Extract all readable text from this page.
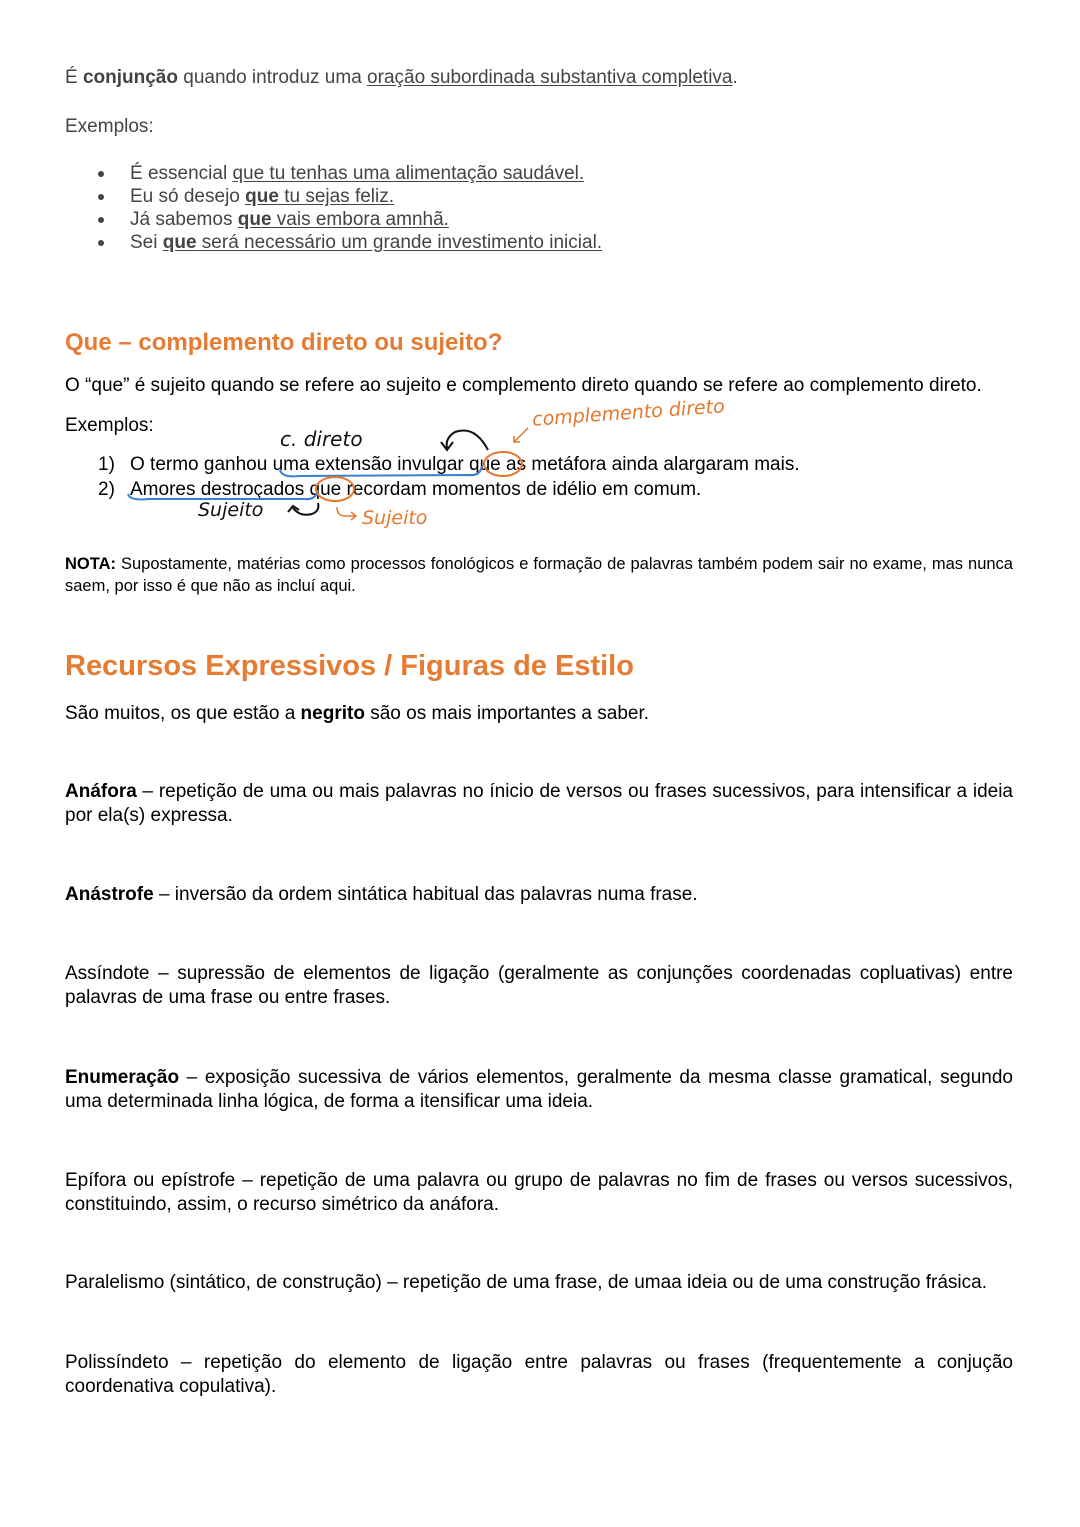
É conjunção quando introduz uma oração subordinada substantiva completiva.
Exemplos:
É essencial que tu tenhas uma alimentação saudável.
Eu só desejo que tu sejas feliz.
Já sabemos que vais embora amnhã.
Sei que será necessário um grande investimento inicial.
Que – complemento direto ou sujeito?
O “que” é sujeito quando se refere ao sujeito e complemento direto quando se refere ao complemento direto.
Exemplos:
1) O termo ganhou uma extensão invulgar que as metáfora ainda alargaram mais.
2) Amores destroçados que recordam momentos de idélio em comum.
c. direto
complemento direto
Sujeito	Sujeito
NOTA: Supostamente, matérias como processos fonológicos e formação de palavras também podem sair no exame, mas nunca saem, por isso é que não as incluí aqui.
Recursos Expressivos / Figuras de Estilo
São muitos, os que estão a negrito são os mais importantes a saber.
Anáfora – repetição de uma ou mais palavras no ínicio de versos ou frases sucessivos, para intensificar a ideia por ela(s) expressa.
Anástrofe – inversão da ordem sintática habitual das palavras numa frase.
Assíndote – supressão de elementos de ligação (geralmente as conjunções coordenadas copluativas) entre palavras de uma frase ou entre frases.
Enumeração – exposição sucessiva de vários elementos, geralmente da mesma classe gramatical, segundo uma determinada linha lógica, de forma a itensificar uma ideia.
Epífora ou epístrofe – repetição de uma palavra ou grupo de palavras no fim de frases ou versos sucessivos, constituindo, assim, o recurso simétrico da anáfora.
Paralelismo (sintático, de construção) – repetição de uma frase, de umaa ideia ou de uma construção frásica.
Polissíndeto – repetição do elemento de ligação entre palavras ou frases (frequentemente a conjução coordenativa copulativa).
